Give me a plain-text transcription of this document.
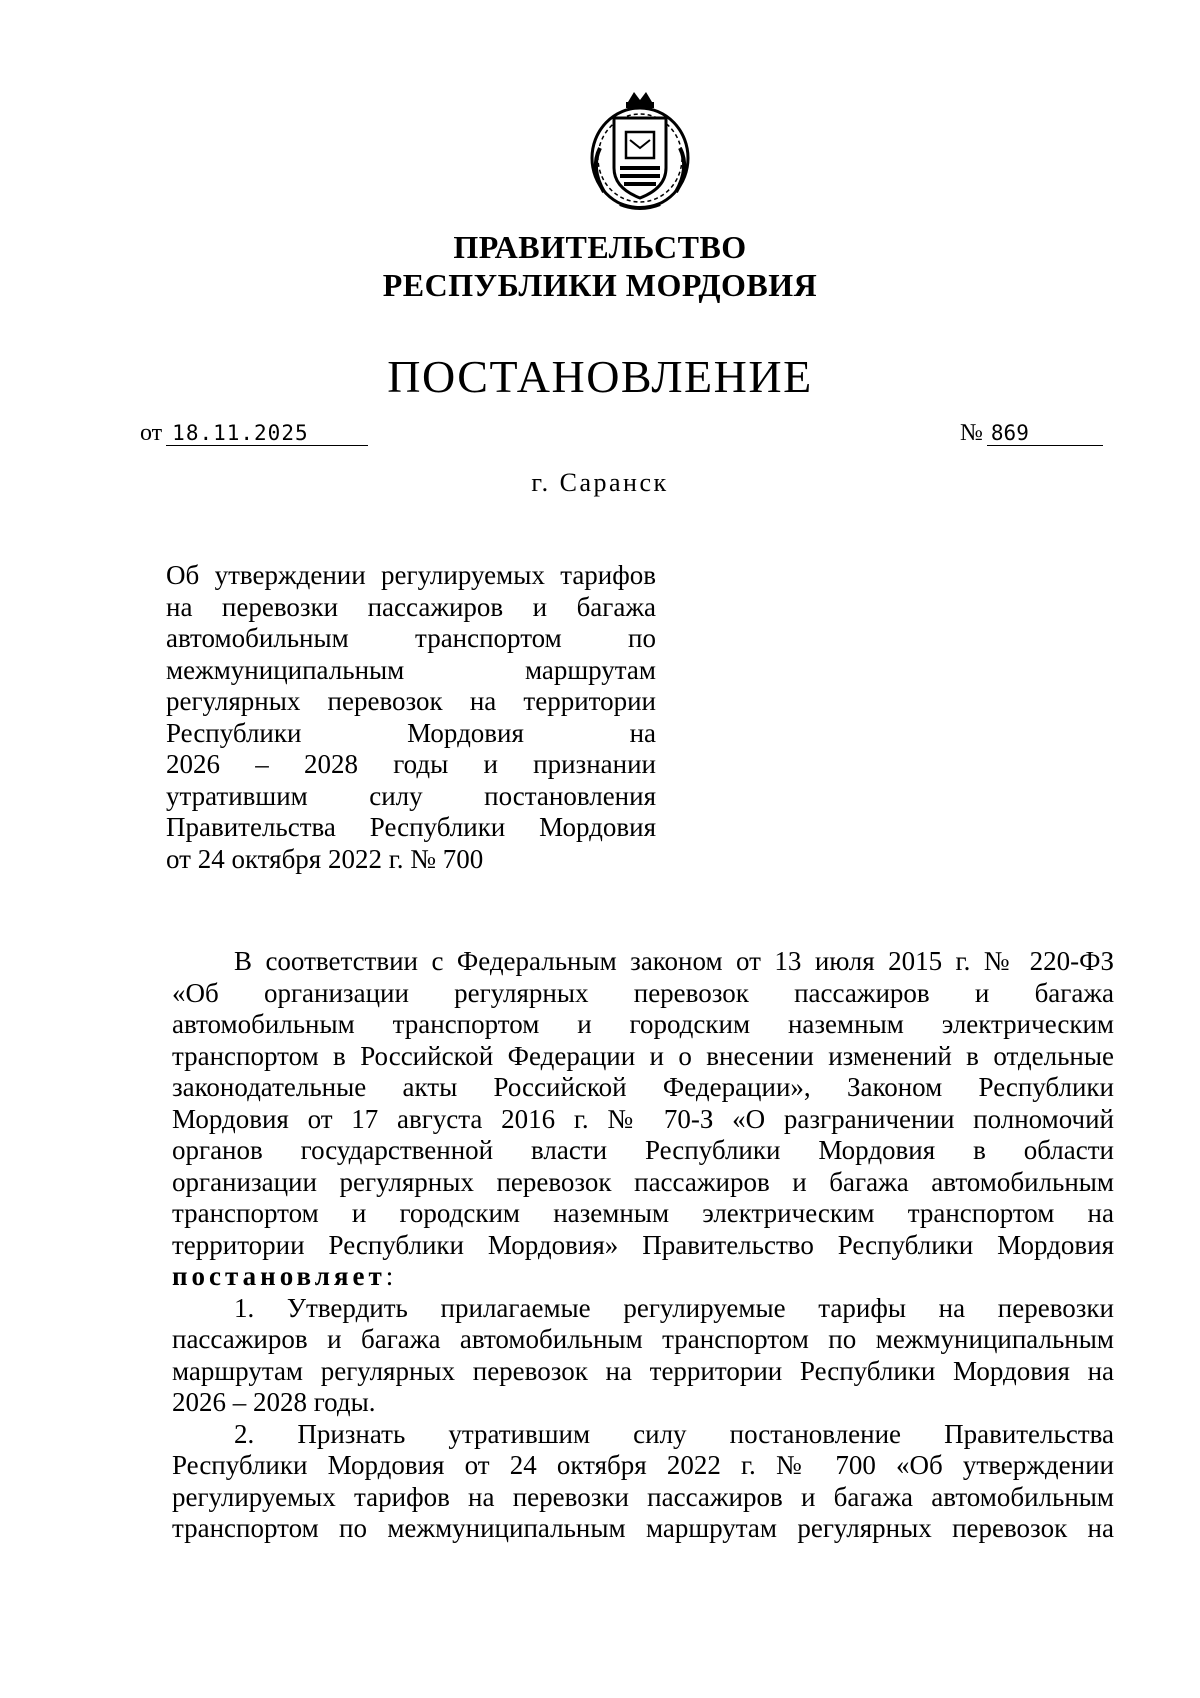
ПРАВИТЕЛЬСТВО
РЕСПУБЛИКИ МОРДОВИЯ
ПОСТАНОВЛЕНИЕ
от 18.11.2025	№ 869
г. Саранск
Об утверждении регулируемых тарифов
на перевозки пассажиров и багажа
автомобильным транспортом по
межмуниципальным маршрутам
регулярных перевозок на территории
Республики Мордовия на
2026 – 2028 годы и признании
утратившим силу постановления
Правительства Республики Мордовия
от 24 октября 2022 г. № 700
В соответствии с Федеральным законом от 13 июля 2015 г. № 220-ФЗ
«Об организации регулярных перевозок пассажиров и багажа
автомобильным транспортом и городским наземным электрическим
транспортом в Российской Федерации и о внесении изменений в отдельные
законодательные акты Российской Федерации», Законом Республики
Мордовия от 17 августа 2016 г. № 70-З «О разграничении полномочий
органов государственной власти Республики Мордовия в области
организации регулярных перевозок пассажиров и багажа автомобильным
транспортом и городским наземным электрическим транспортом на
территории Республики Мордовия» Правительство Республики Мордовия
постановляет:
1. Утвердить прилагаемые регулируемые тарифы на перевозки
пассажиров и багажа автомобильным транспортом по межмуниципальным
маршрутам регулярных перевозок на территории Республики Мордовия на
2026 – 2028 годы.
2. Признать утратившим силу постановление Правительства
Республики Мордовия от 24 октября 2022 г. № 700 «Об утверждении
регулируемых тарифов на перевозки пассажиров и багажа автомобильным
транспортом по межмуниципальным маршрутам регулярных перевозок на
